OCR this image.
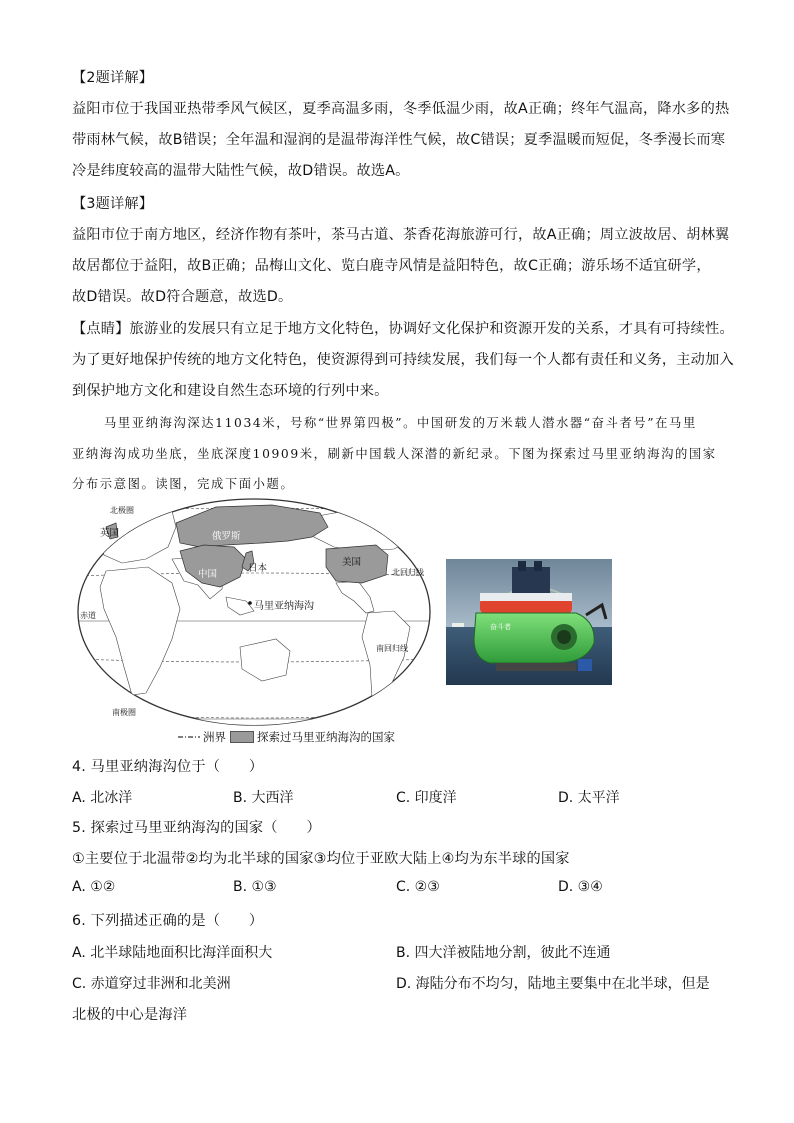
【2题详解】
益阳市位于我国亚热带季风气候区，夏季高温多雨，冬季低温少雨，故A正确；终年气温高，降水多的热
带雨林气候，故B错误；全年温和湿润的是温带海洋性气候，故C错误；夏季温暖而短促，冬季漫长而寒
冷是纬度较高的温带大陆性气候，故D错误。故选A。
【3题详解】
益阳市位于南方地区，经济作物有茶叶，茶马古道、茶香花海旅游可行，故A正确；周立波故居、胡林翼
故居都位于益阳，故B正确；品梅山文化、览白鹿寺风情是益阳特色，故C正确；游乐场不适宜研学，
故D错误。故D符合题意，故选D。
【点睛】旅游业的发展只有立足于地方文化特色，协调好文化保护和资源开发的关系，才具有可持续性。
为了更好地保护传统的地方文化特色，使资源得到可持续发展，我们每一个人都有责任和义务，主动加入
到保护地方文化和建设自然生态环境的行列中来。
马里亚纳海沟深达11034米，号称“世界第四极”。中国研发的万米载人潜水器“奋斗者号”在马里
亚纳海沟成功坐底，坐底深度10909米，刷新中国载人深潜的新纪录。下图为探索过马里亚纳海沟的国家
分布示意图。读图，完成下面小题。
北极圈
英国	俄罗斯
中国
日本
美国
北回归线
马里亚纳海沟
赤道
南回归线
南极圈
洲界	探索过马里亚纳海沟的国家
奋斗者
4. 马里亚纳海沟位于（　　）
A. 北冰洋	B. 大西洋	C. 印度洋	D. 太平洋
5. 探索过马里亚纳海沟的国家（　　）
①主要位于北温带②均为北半球的国家③均位于亚欧大陆上④均为东半球的国家
A. ①②	B. ①③	C. ②③	D. ③④
6. 下列描述正确的是（　　）
A. 北半球陆地面积比海洋面积大	B. 四大洋被陆地分割，彼此不连通
C. 赤道穿过非洲和北美洲	D. 海陆分布不均匀，陆地主要集中在北半球，但是
北极的中心是海洋
